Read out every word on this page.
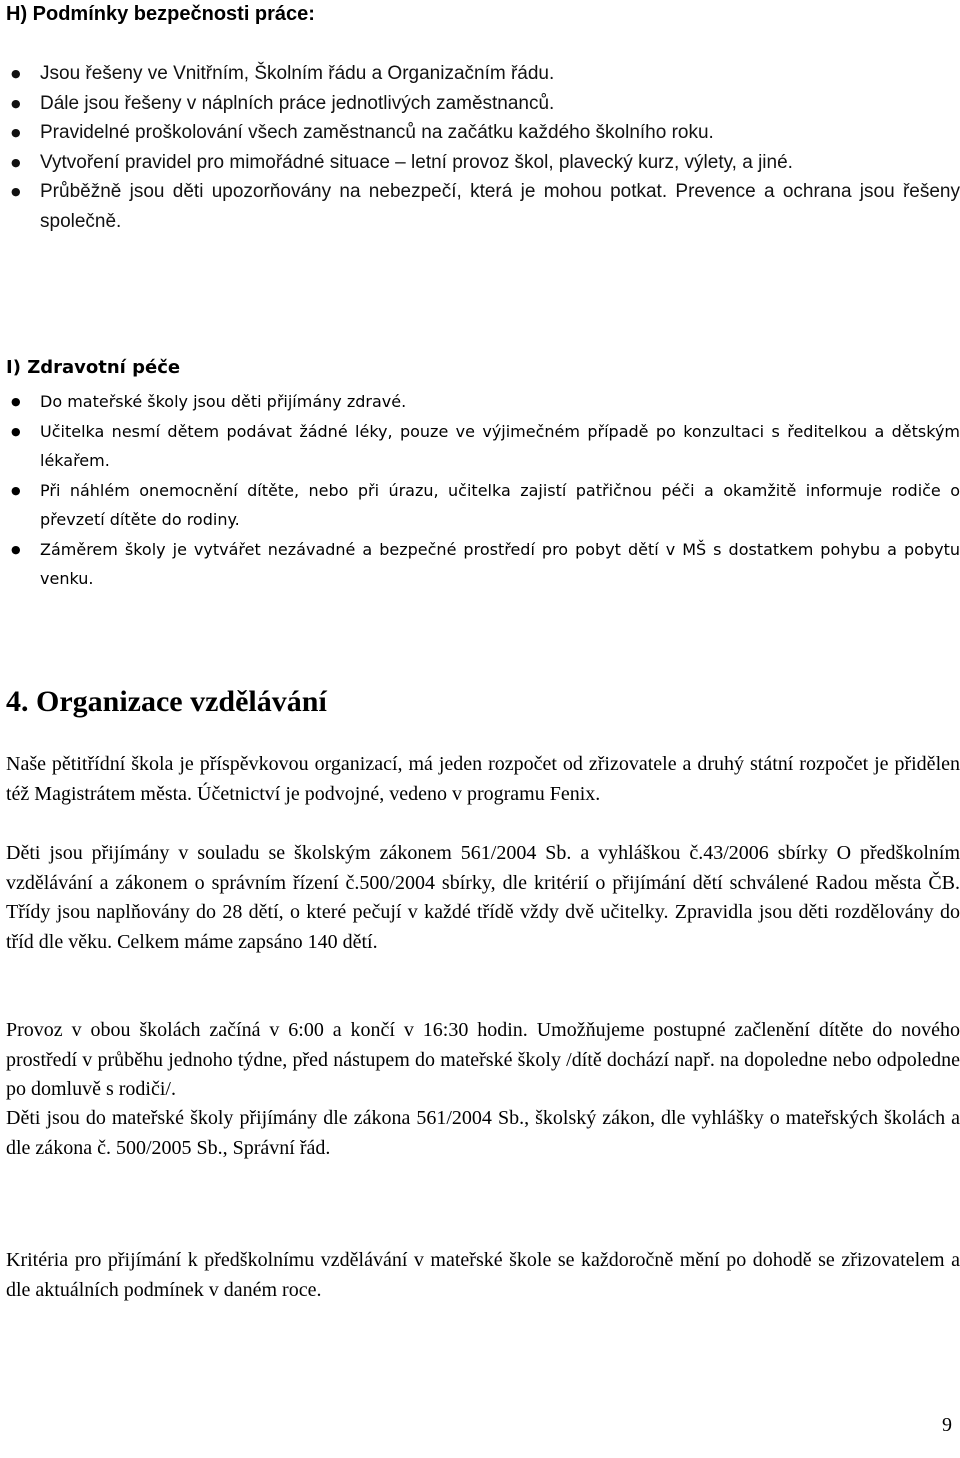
H) Podmínky bezpečnosti práce:
● Jsou řešeny ve Vnitřním, Školním řádu a Organizačním řádu.
● Dále jsou řešeny v náplních práce jednotlivých zaměstnanců.
● Pravidelné proškolování všech zaměstnanců na začátku každého školního roku.
● Vytvoření pravidel pro mimořádné situace – letní provoz škol, plavecký kurz, výlety, a jiné.
● Průběžně jsou děti upozorňovány na nebezpečí, která je mohou potkat. Prevence a ochrana jsou řešeny společně.
I) Zdravotní péče
● Do mateřské školy jsou děti přijímány zdravé.
● Učitelka nesmí dětem podávat žádné léky, pouze ve výjimečném případě po konzultaci s ředitelkou a dětským lékařem.
● Při náhlém onemocnění dítěte, nebo při úrazu, učitelka zajistí patřičnou péči a okamžitě informuje rodiče o převzetí dítěte do rodiny.
● Záměrem školy je vytvářet nezávadné a bezpečné prostředí pro pobyt dětí v MŠ s dostatkem pohybu a pobytu venku.
4. Organizace vzdělávání

Naše pětitřídní škola je příspěvkovou organizací, má jeden rozpočet od zřizovatele a druhý státní rozpočet je přidělen též Magistrátem města. Účetnictví je podvojné, vedeno v programu Fenix.

Děti jsou přijímány v souladu se školským zákonem 561/2004 Sb. a vyhláškou č.43/2006 sbírky O předškolním vzdělávání a zákonem o správním řízení č.500/2004 sbírky, dle kritérií o přijímání dětí schválené Radou města ČB. Třídy jsou naplňovány do 28 dětí, o které pečují v každé třídě vždy dvě učitelky. Zpravidla jsou děti rozdělovány do tříd dle věku. Celkem máme zapsáno 140 dětí.

Provoz v obou školách začíná v 6:00 a končí v 16:30 hodin. Umožňujeme postupné začlenění dítěte do nového prostředí v průběhu jednoho týdne, před nástupem do mateřské školy /dítě dochází např. na dopoledne nebo odpoledne po domluvě s rodiči/.

Děti jsou do mateřské školy přijímány dle zákona 561/2004 Sb., školský zákon, dle vyhlášky o mateřských školách a dle zákona č. 500/2005 Sb., Správní řád.

Kritéria pro přijímání k předškolnímu vzdělávání v mateřské škole se každoročně mění po dohodě se zřizovatelem a dle aktuálních podmínek v daném roce.

9
